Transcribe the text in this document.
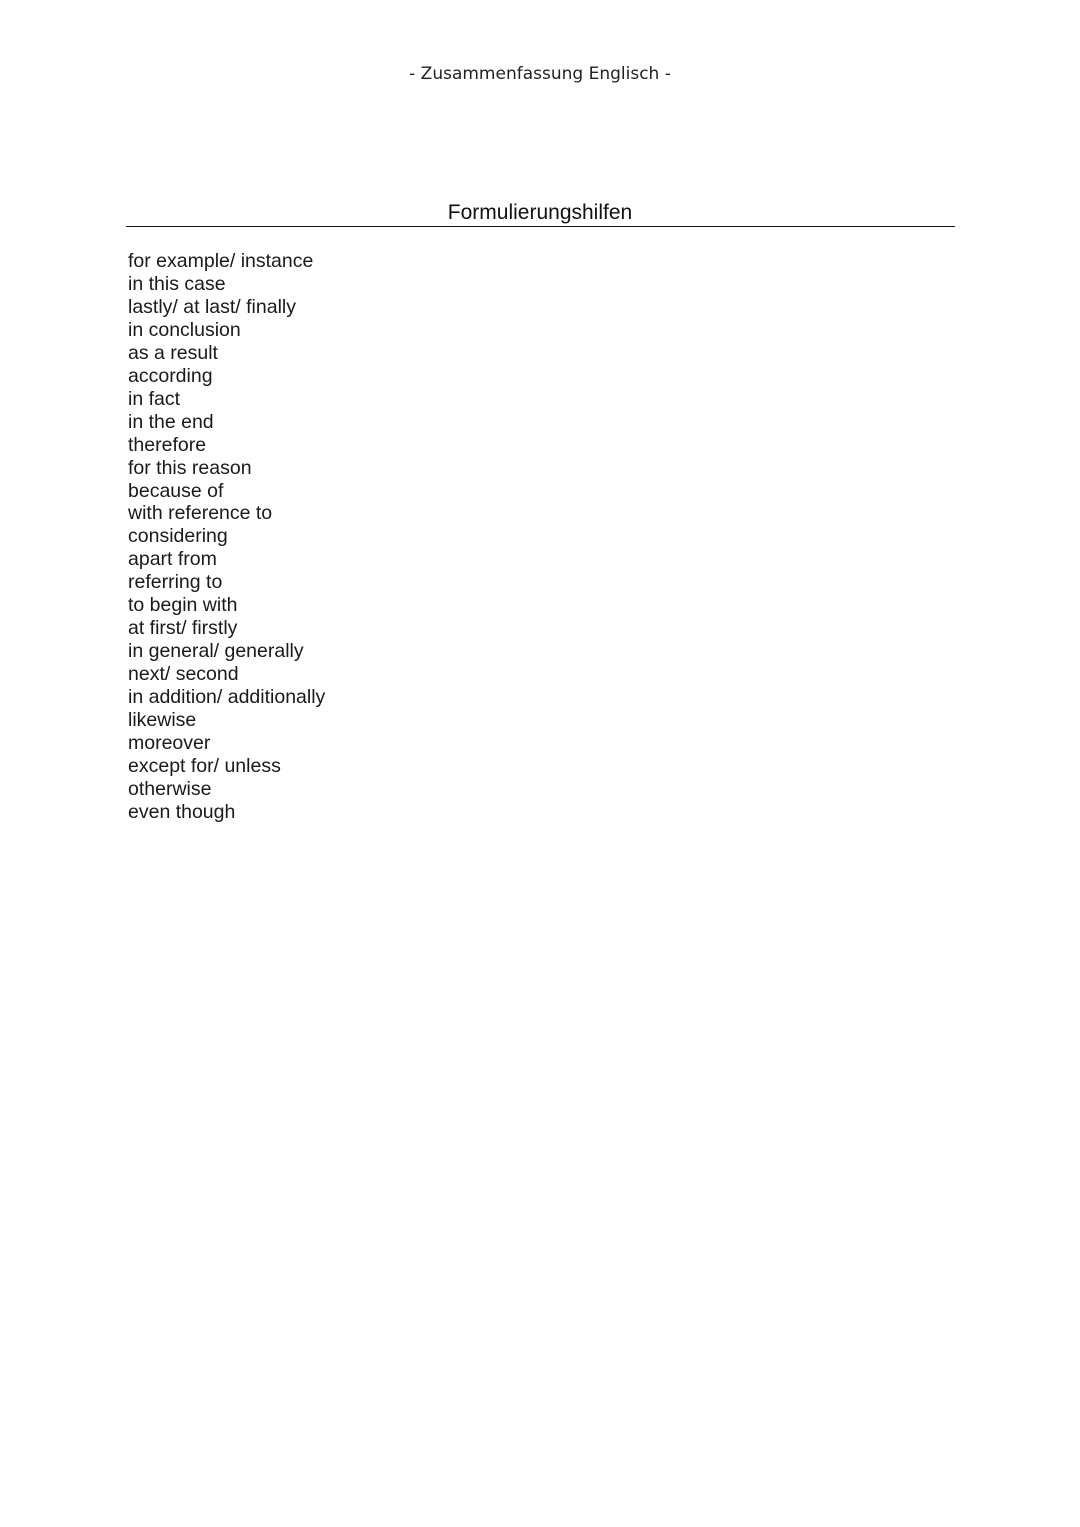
- Zusammenfassung Englisch -
Formulierungshilfen
for example/ instance
in this case
lastly/ at last/ finally
in conclusion
as a result
according
in fact
in the end
therefore
for this reason
because of
with reference to
considering
apart from
referring to
to begin with
at first/ firstly
in general/ generally
next/ second
in addition/ additionally
likewise
moreover
except for/ unless
otherwise
even though
